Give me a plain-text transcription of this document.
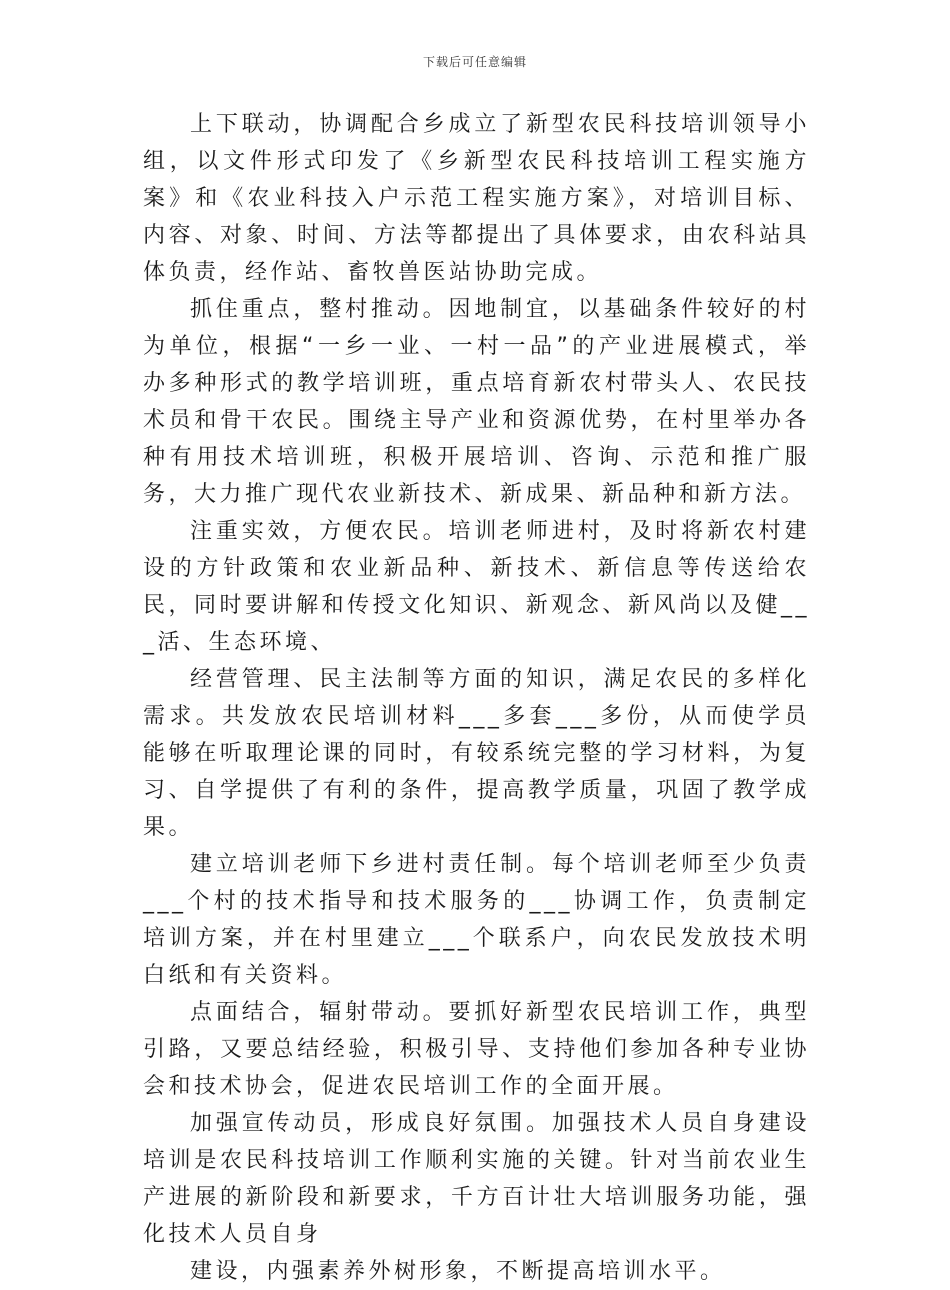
下载后可任意编辑

上下联动，协调配合乡成立了新型农民科技培训领导小组，以文件形式印发了《乡新型农民科技培训工程实施方案》和《农业科技入户示范工程实施方案》，对培训目标、内容、对象、时间、方法等都提出了具体要求，由农科站具体负责，经作站、畜牧兽医站协助完成。

抓住重点，整村推动。因地制宜，以基础条件较好的村为单位，根据“一乡一业、一村一品”的产业进展模式，举办多种形式的教学培训班，重点培育新农村带头人、农民技术员和骨干农民。围绕主导产业和资源优势，在村里举办各种有用技术培训班，积极开展培训、咨询、示范和推广服务，大力推广现代农业新技术、新成果、新品种和新方法。

注重实效，方便农民。培训老师进村，及时将新农村建设的方针政策和农业新品种、新技术、新信息等传送给农民，同时要讲解和传授文化知识、新观念、新风尚以及健___活、生态环境、

经营管理、民主法制等方面的知识，满足农民的多样化需求。共发放农民培训材料___多套___多份，从而使学员能够在听取理论课的同时，有较系统完整的学习材料，为复习、自学提供了有利的条件，提高教学质量，巩固了教学成果。

建立培训老师下乡进村责任制。每个培训老师至少负责___个村的技术指导和技术服务的___协调工作，负责制定培训方案，并在村里建立___个联系户，向农民发放技术明白纸和有关资料。

点面结合，辐射带动。要抓好新型农民培训工作，典型引路，又要总结经验，积极引导、支持他们参加各种专业协会和技术协会，促进农民培训工作的全面开展。

加强宣传动员，形成良好氛围。加强技术人员自身建设培训是农民科技培训工作顺利实施的关键。针对当前农业生产进展的新阶段和新要求，千方百计壮大培训服务功能，强化技术人员自身

建设，内强素养外树形象，不断提高培训水平。
